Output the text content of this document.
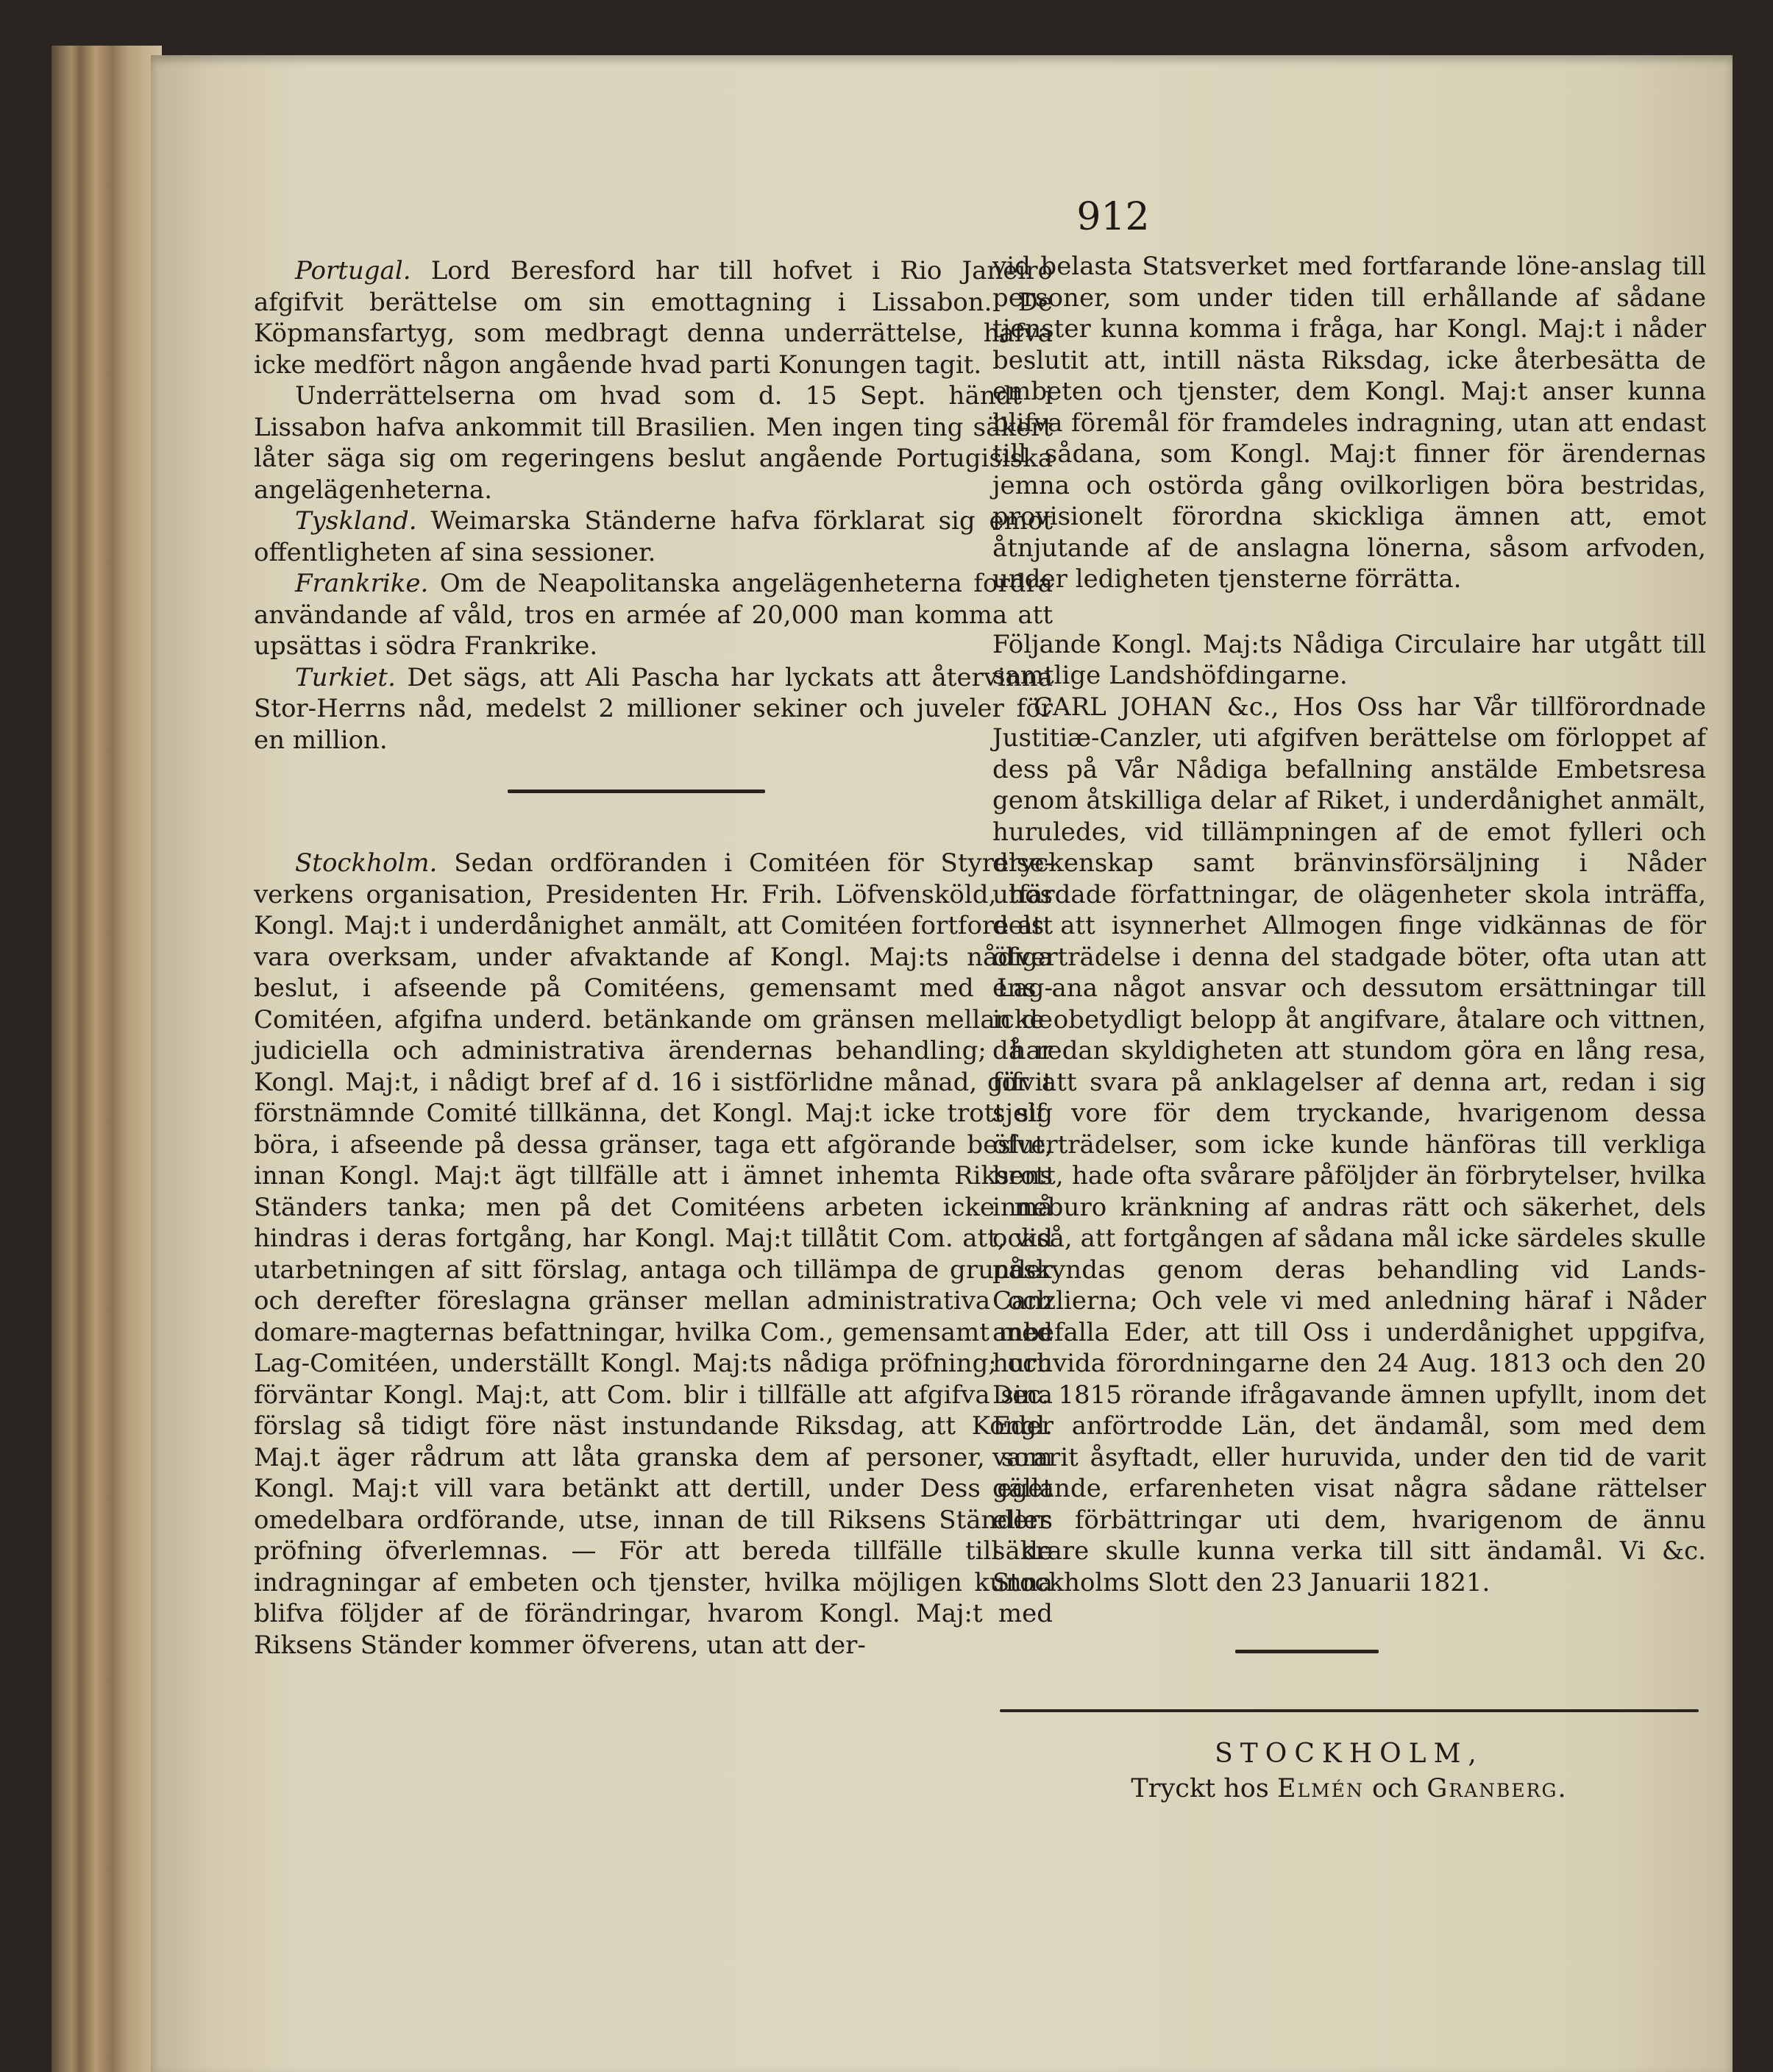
912

Portugal. Lord Beresford har till hofvet i Rio Janeiro afgifvit berättelse om sin emottagning i Lissabon. De Köpmansfartyg, som medbragt denna underrättelse, hafva icke medfört någon angående hvad parti Konungen tagit.

Underrättelserna om hvad som d. 15 Sept. händt i Lissabon hafva ankommit till Brasilien. Men ingen ting säkert låter säga sig om regeringens beslut angående Portugisiska angelägenheterna.

Tyskland. Weimarska Ständerne hafva förklarat sig emot offentligheten af sina sessioner.

Frankrike. Om de Neapolitanska angelägenheterna fordra användande af våld, tros en armée af 20,000 man komma att upsättas i södra Frankrike.

Turkiet. Det sägs, att Ali Pascha har lyckats att återvinna Stor-Herrns nåd, medelst 2 millioner sekiner och juveler för en million.

Stockholm. Sedan ordföranden i Comitéen för Styrelse-verkens organisation, Presidenten Hr. Frih. Löfvensköld, hos Kongl. Maj:t i underdånighet anmält, att Comitéen fortfore att vara overksam, under afvaktande af Kongl. Maj:ts nådiga beslut, i afseende på Comitéens, gemensamt med Lag-Comitéen, afgifna underd. betänkande om gränsen mellan de judiciella och administrativa ärendernas behandling; har Kongl. Maj:t, i nådigt bref af d. 16 i sistförlidne månad, gifvit förstnämnde Comité tillkänna, det Kongl. Maj:t icke trott sig böra, i afseende på dessa gränser, taga ett afgörande beslut, innan Kongl. Maj:t ägt tillfälle att i ämnet inhemta Riksens Ständers tanka; men på det Comitéens arbeten icke må hindras i deras fortgång, har Kongl. Maj:t tillåtit Com. att, vid utarbetningen af sitt förslag, antaga och tillämpa de grunder och derefter föreslagna gränser mellan administrativa och domare-magternas befattningar, hvilka Com., gemensamt med Lag-Comitéen, underställt Kongl. Maj:ts nådiga pröfning; och förväntar Kongl. Maj:t, att Com. blir i tillfälle att afgifva sina förslag så tidigt före näst instundande Riksdag, att Kongl. Maj.t äger rådrum att låta granska dem af personer, som Kongl. Maj:t vill vara betänkt att dertill, under Dess eget omedelbara ordförande, utse, innan de till Riksens Ständers pröfning öfverlemnas. — För att bereda tillfälle till de indragningar af embeten och tjenster, hvilka möjligen kunna blifva följder af de förändringar, hvarom Kongl. Maj:t med Riksens Ständer kommer öfverens, utan att der-

vid belasta Statsverket med fortfarande löne-anslag till personer, som under tiden till erhållande af sådane tjenster kunna komma i fråga, har Kongl. Maj:t i nåder beslutit att, intill nästa Riksdag, icke återbesätta de embeten och tjenster, dem Kongl. Maj:t anser kunna blifva föremål för framdeles indragning, utan att endast till sådana, som Kongl. Maj:t finner för ärendernas jemna och ostörda gång ovilkorligen böra bestridas, provisionelt förordna skickliga ämnen att, emot åtnjutande af de anslagna lönerna, såsom arfvoden, under ledigheten tjensterne förrätta.

Följande Kongl. Maj:ts Nådiga Circulaire har utgått till samtlige Landshöfdingarne.

CARL JOHAN &c., Hos Oss har Vår tillförordnade Justitiæ-Canzler, uti afgifven berättelse om förloppet af dess på Vår Nådiga befallning anstälde Embetsresa genom åtskilliga delar af Riket, i underdånighet anmält, huruledes, vid tillämpningen af de emot fylleri och dryckenskap samt bränvinsförsäljning i Nåder utfärdade författningar, de olägenheter skola inträffa, dels att isynnerhet Allmogen finge vidkännas de för öfverträdelse i denna del stadgade böter, ofta utan att ens ana något ansvar och dessutom ersättningar till icke obetydligt belopp åt angifvare, åtalare och vittnen, då redan skyldigheten att stundom göra en lång resa, för att svara på anklagelser af denna art, redan i sig sjelf vore för dem tryckande, hvarigenom dessa öfverträdelser, som icke kunde hänföras till verkliga brott, hade ofta svårare påföljder än förbrytelser, hvilka inneburo kränkning af andras rätt och säkerhet, dels också, att fortgången af sådana mål icke särdeles skulle påskyndas genom deras behandling vid Lands-Canzlierna; Och vele vi med anledning häraf i Nåder anbefalla Eder, att till Oss i underdånighet uppgifva, huruvida förordningarne den 24 Aug. 1813 och den 20 Dec. 1815 rörande ifrågavande ämnen upfyllt, inom det Eder anförtrodde Län, det ändamål, som med dem vararit åsyftadt, eller huruvida, under den tid de varit gällande, erfarenheten visat några sådane rättelser eller förbättringar uti dem, hvarigenom de ännu säkrare skulle kunna verka till sitt ändamål. Vi &c. Stockholms Slott den 23 Januarii 1821.

STOCKHOLM,

Tryckt hos Elmén och Granberg.
